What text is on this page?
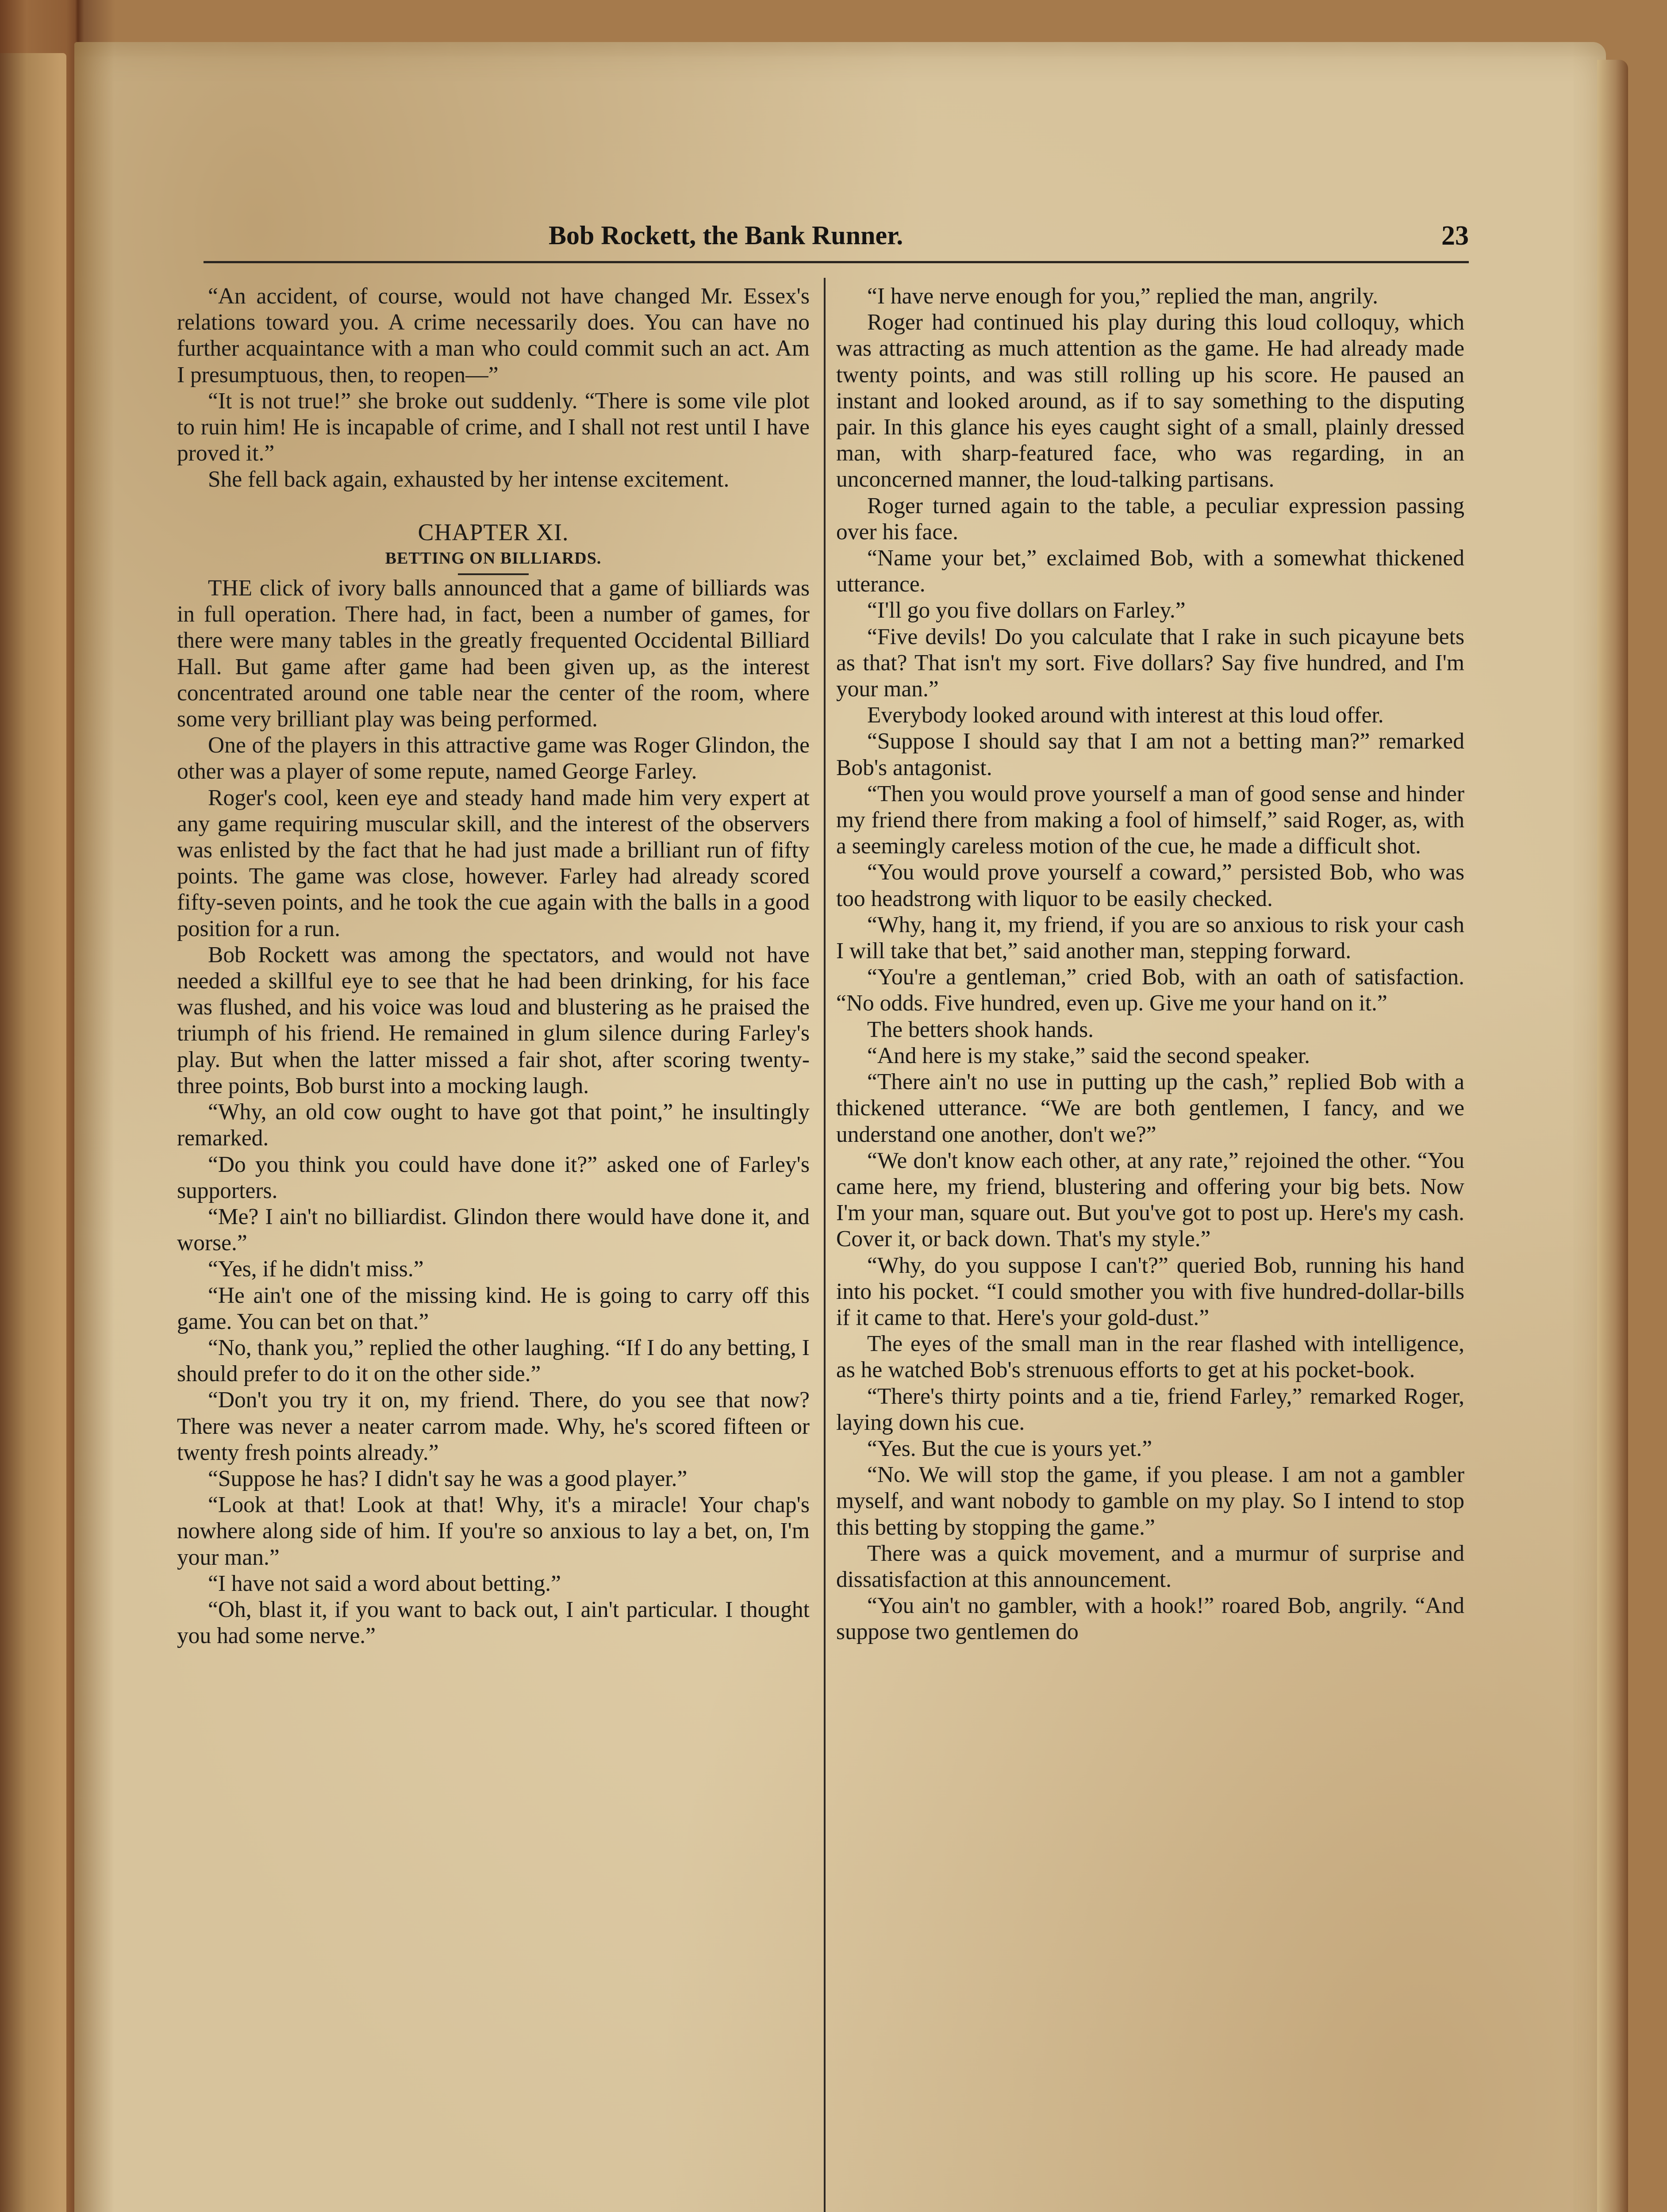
Bob Rockett, the Bank Runner.	23

“An accident, of course, would not have changed Mr. Essex's relations toward you. A crime necessarily does. You can have no further acquaintance with a man who could commit such an act. Am I presumptuous, then, to reopen—”

“It is not true!” she broke out suddenly. “There is some vile plot to ruin him! He is incapable of crime, and I shall not rest until I have proved it.”

She fell back again, exhausted by her intense excitement.

CHAPTER XI.

BETTING ON BILLIARDS.

THE click of ivory balls announced that a game of billiards was in full operation. There had, in fact, been a number of games, for there were many tables in the greatly frequented Occidental Billiard Hall. But game after game had been given up, as the interest concentrated around one table near the center of the room, where some very brilliant play was being performed.

One of the players in this attractive game was Roger Glindon, the other was a player of some repute, named George Farley.

Roger's cool, keen eye and steady hand made him very expert at any game requiring muscular skill, and the interest of the observers was enlisted by the fact that he had just made a brilliant run of fifty points. The game was close, however. Farley had already scored fifty-seven points, and he took the cue again with the balls in a good position for a run.

Bob Rockett was among the spectators, and would not have needed a skillful eye to see that he had been drinking, for his face was flushed, and his voice was loud and blustering as he praised the triumph of his friend. He remained in glum silence during Farley's play. But when the latter missed a fair shot, after scoring twenty-three points, Bob burst into a mocking laugh.

“Why, an old cow ought to have got that point,” he insultingly remarked.

“Do you think you could have done it?” asked one of Farley's supporters.

“Me? I ain't no billiardist. Glindon there would have done it, and worse.”

“Yes, if he didn't miss.”

“He ain't one of the missing kind. He is going to carry off this game. You can bet on that.”

“No, thank you,” replied the other laughing. “If I do any betting, I should prefer to do it on the other side.”

“Don't you try it on, my friend. There, do you see that now? There was never a neater carrom made. Why, he's scored fifteen or twenty fresh points already.”

“Suppose he has? I didn't say he was a good player.”

“Look at that! Look at that! Why, it's a miracle! Your chap's nowhere along side of him. If you're so anxious to lay a bet, on, I'm your man.”

“I have not said a word about betting.”

“Oh, blast it, if you want to back out, I ain't particular. I thought you had some nerve.”

“I have nerve enough for you,” replied the man, angrily.

Roger had continued his play during this loud colloquy, which was attracting as much attention as the game. He had already made twenty points, and was still rolling up his score. He paused an instant and looked around, as if to say something to the disputing pair. In this glance his eyes caught sight of a small, plainly dressed man, with sharp-featured face, who was regarding, in an unconcerned manner, the loud-talking partisans.

Roger turned again to the table, a peculiar expression passing over his face.

“Name your bet,” exclaimed Bob, with a somewhat thickened utterance.

“I'll go you five dollars on Farley.”

“Five devils! Do you calculate that I rake in such picayune bets as that? That isn't my sort. Five dollars? Say five hundred, and I'm your man.”

Everybody looked around with interest at this loud offer.

“Suppose I should say that I am not a betting man?” remarked Bob's antagonist.

“Then you would prove yourself a man of good sense and hinder my friend there from making a fool of himself,” said Roger, as, with a seemingly careless motion of the cue, he made a difficult shot.

“You would prove yourself a coward,” persisted Bob, who was too headstrong with liquor to be easily checked.

“Why, hang it, my friend, if you are so anxious to risk your cash I will take that bet,” said another man, stepping forward.

“You're a gentleman,” cried Bob, with an oath of satisfaction. “No odds. Five hundred, even up. Give me your hand on it.”

The betters shook hands.

“And here is my stake,” said the second speaker.

“There ain't no use in putting up the cash,” replied Bob with a thickened utterance. “We are both gentlemen, I fancy, and we understand one another, don't we?”

“We don't know each other, at any rate,” rejoined the other. “You came here, my friend, blustering and offering your big bets. Now I'm your man, square out. But you've got to post up. Here's my cash. Cover it, or back down. That's my style.”

“Why, do you suppose I can't?” queried Bob, running his hand into his pocket. “I could smother you with five hundred-dollar-bills if it came to that. Here's your gold-dust.”

The eyes of the small man in the rear flashed with intelligence, as he watched Bob's strenuous efforts to get at his pocket-book.

“There's thirty points and a tie, friend Farley,” remarked Roger, laying down his cue.

“Yes. But the cue is yours yet.”

“No. We will stop the game, if you please. I am not a gambler myself, and want nobody to gamble on my play. So I intend to stop this betting by stopping the game.”

There was a quick movement, and a murmur of surprise and dissatisfaction at this announcement.

“You ain't no gambler, with a hook!” roared Bob, angrily. “And suppose two gentlemen do
